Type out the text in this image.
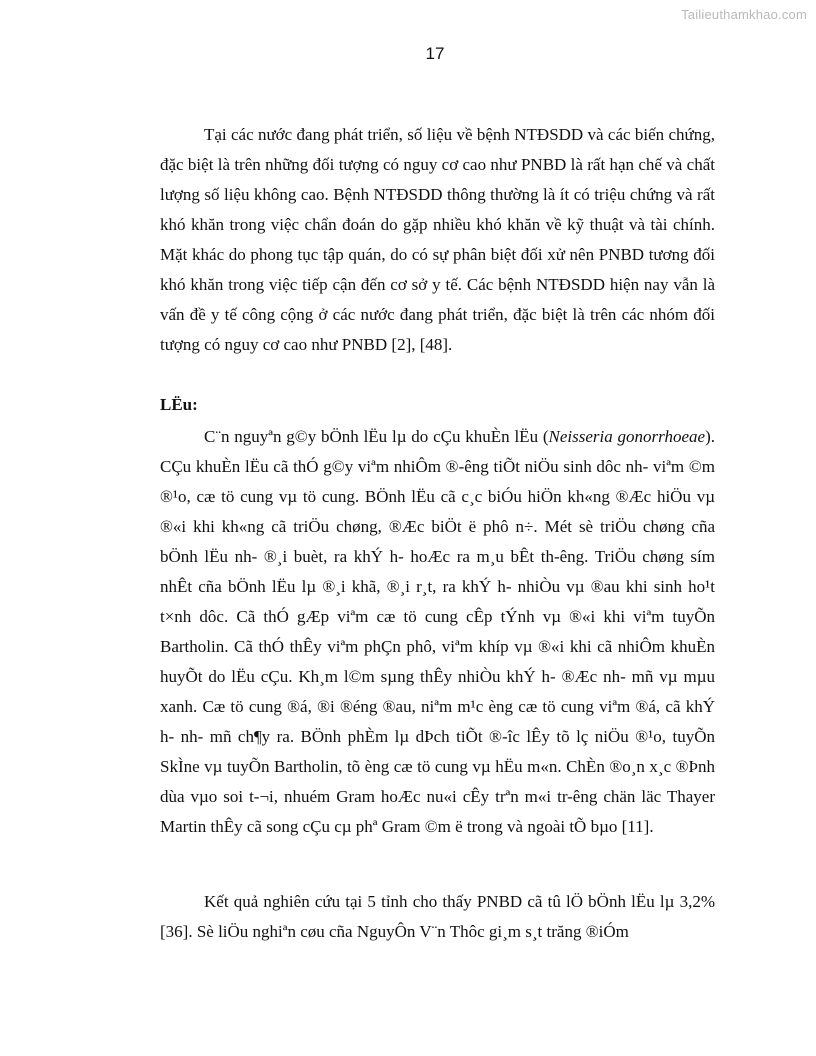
Tailieuthamkhao.com
17

Tại các nước đang phát triển, số liệu về bệnh NTĐSDD và các biến chứng, đặc biệt là trên những đối tượng có nguy cơ cao như PNBD là rất hạn chế và chất lượng số liệu không cao. Bệnh NTĐSDD thông thường là ít có triệu chứng và rất khó khăn trong việc chẩn đoán do gặp nhiều khó khăn về kỹ thuật và tài chính. Mặt khác do phong tục tập quán, do có sự phân biệt đối xử nên PNBD tương đối khó khăn trong việc tiếp cận đến cơ sở y tế. Các bệnh NTĐSDD hiện nay vẫn là vấn đề y tế công cộng ở các nước đang phát triển, đặc biệt là trên các nhóm đối tượng có nguy cơ cao như PNBD [2], [48].

LËu:

C¨n nguyªn g©y bÖnh lËu lµ do cÇu khuÈn lËu (Neisseria gonorrhoeae). CÇu khuÈn lËu cã thÓ g©y viªm nhiÔm ®-êng tiÕt niÖu sinh dôc nh- viªm ©m ®¹o, cæ tö cung vµ tö cung. BÖnh lËu cã c¸c biÓu hiÖn kh«ng ®Æc hiÖu vµ ®«i khi kh«ng cã triÖu chøng, ®Æc biÖt ë phô n÷. Mét sè triÖu chøng cña bÖnh lËu nh- ®¸i buèt, ra khÝ h- hoÆc ra m¸u bÊt th-êng. TriÖu chøng sím nhÊt cña bÖnh lËu lµ ®¸i khã, ®¸i r¸t, ra khÝ h- nhiÒu vµ ®au khi sinh ho¹t t×nh dôc. Cã thÓ gÆp viªm cæ tö cung cÊp tÝnh vµ ®«i khi viªm tuyÕn Bartholin. Cã thÓ thÊy viªm phÇn phô, viªm khíp vµ ®«i khi cã nhiÔm khuÈn huyÕt do lËu cÇu. Kh¸m l©m sµng thÊy nhiÒu khÝ h- ®Æc nh- mñ vµ mµu xanh. Cæ tö cung ®á, ®i ®éng ®au, niªm m¹c èng cæ tö cung viªm ®á, cã khÝ h- nh- mñ ch¶y ra. BÖnh phÈm lµ dÞch tiÕt ®-îc lÊy tõ lç niÖu ®¹o, tuyÕn SkÌne vµ tuyÕn Bartholin, tõ èng cæ tö cung vµ hËu m«n. ChÈn ®o¸n x¸c ®Þnh dùa vµo soi t-¬i, nhuém Gram hoÆc nu«i cÊy trªn m«i tr-êng chän läc Thayer Martin thÊy cã song cÇu cµ phª Gram ©m ë trong và ngoài tÕ bµo [11].

Kết quả nghiên cứu tại 5 tỉnh cho thấy PNBD cã tû lÖ bÖnh lËu lµ 3,2% [36]. Sè liÖu nghiªn cøu cña NguyÔn V¨n Thôc gi¸m s¸t trăng ®iÓm
